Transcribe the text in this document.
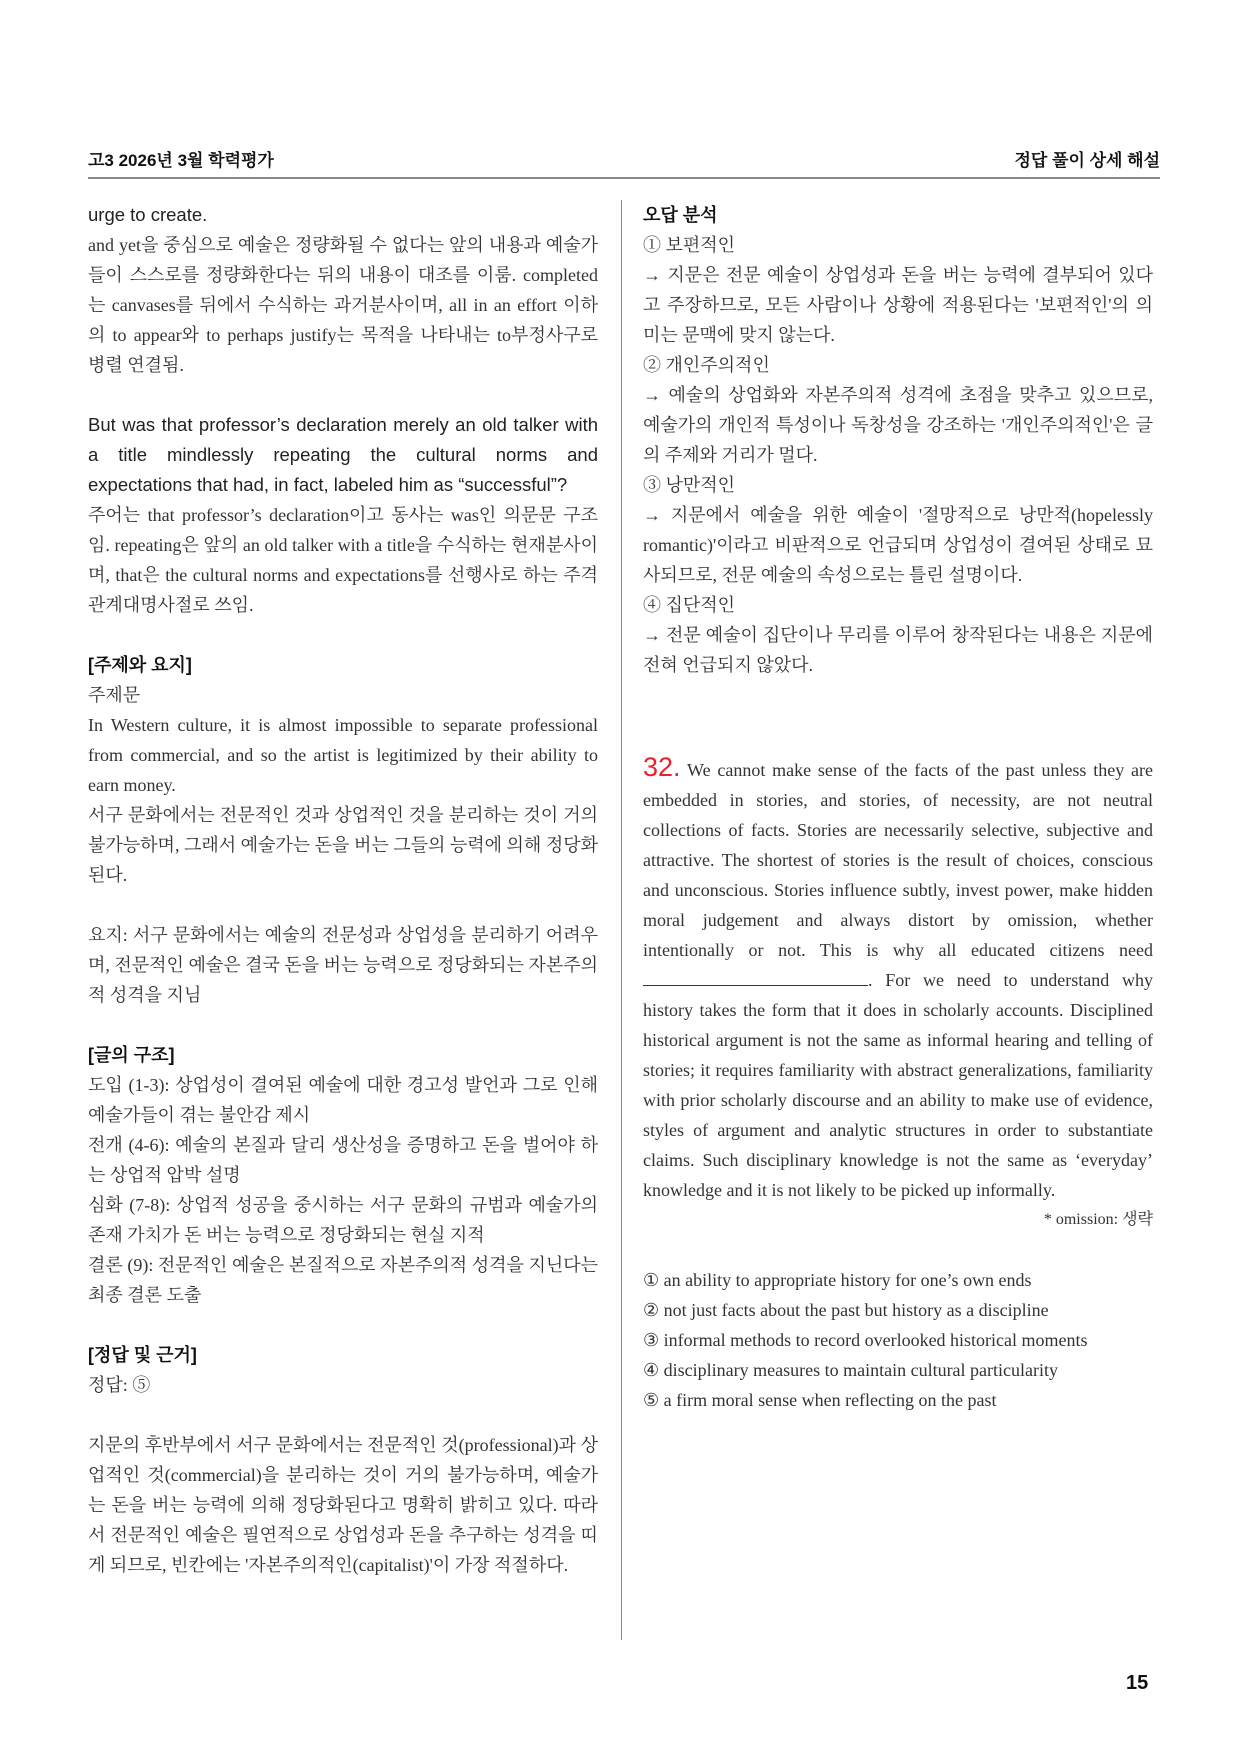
고3 2026년 3월 학력평가	정답 풀이 상세 해설

urge to create.

and yet을 중심으로 예술은 정량화될 수 없다는 앞의 내용과 예술가들이 스스로를 정량화한다는 뒤의 내용이 대조를 이룸. completed는 canvases를 뒤에서 수식하는 과거분사이며, all in an effort 이하의 to appear와 to perhaps justify는 목적을 나타내는 to부정사구로 병렬 연결됨.

But was that professor’s declaration merely an old talker with a title mindlessly repeating the cultural norms and expectations that had, in fact, labeled him as “successful”?

주어는 that professor’s declaration이고 동사는 was인 의문문 구조임. repeating은 앞의 an old talker with a title을 수식하는 현재분사이며, that은 the cultural norms and expectations를 선행사로 하는 주격 관계대명사절로 쓰임.

[주제와 요지]

주제문

In Western culture, it is almost impossible to separate professional from commercial, and so the artist is legitimized by their ability to earn money.

서구 문화에서는 전문적인 것과 상업적인 것을 분리하는 것이 거의 불가능하며, 그래서 예술가는 돈을 버는 그들의 능력에 의해 정당화된다.

요지: 서구 문화에서는 예술의 전문성과 상업성을 분리하기 어려우며, 전문적인 예술은 결국 돈을 버는 능력으로 정당화되는 자본주의적 성격을 지님

[글의 구조]

도입 (1-3): 상업성이 결여된 예술에 대한 경고성 발언과 그로 인해 예술가들이 겪는 불안감 제시

전개 (4-6): 예술의 본질과 달리 생산성을 증명하고 돈을 벌어야 하는 상업적 압박 설명

심화 (7-8): 상업적 성공을 중시하는 서구 문화의 규범과 예술가의 존재 가치가 돈 버는 능력으로 정당화되는 현실 지적

결론 (9): 전문적인 예술은 본질적으로 자본주의적 성격을 지닌다는 최종 결론 도출

[정답 및 근거]

정답: ⑤

지문의 후반부에서 서구 문화에서는 전문적인 것(professional)과 상업적인 것(commercial)을 분리하는 것이 거의 불가능하며, 예술가는 돈을 버는 능력에 의해 정당화된다고 명확히 밝히고 있다. 따라서 전문적인 예술은 필연적으로 상업성과 돈을 추구하는 성격을 띠게 되므로, 빈칸에는 '자본주의적인(capitalist)'이 가장 적절하다.

오답 분석

① 보편적인

→ 지문은 전문 예술이 상업성과 돈을 버는 능력에 결부되어 있다고 주장하므로, 모든 사람이나 상황에 적용된다는 '보편적인'의 의미는 문맥에 맞지 않는다.

② 개인주의적인

→ 예술의 상업화와 자본주의적 성격에 초점을 맞추고 있으므로, 예술가의 개인적 특성이나 독창성을 강조하는 '개인주의적인'은 글의 주제와 거리가 멀다.

③ 낭만적인

→ 지문에서 예술을 위한 예술이 '절망적으로 낭만적(hopelessly romantic)'이라고 비판적으로 언급되며 상업성이 결여된 상태로 묘사되므로, 전문 예술의 속성으로는 틀린 설명이다.

④ 집단적인

→ 전문 예술이 집단이나 무리를 이루어 창작된다는 내용은 지문에 전혀 언급되지 않았다.

32. We cannot make sense of the facts of the past unless they are embedded in stories, and stories, of necessity, are not neutral collections of facts. Stories are necessarily selective, subjective and attractive. The shortest of stories is the result of choices, conscious and unconscious. Stories influence subtly, invest power, make hidden moral judgement and always distort by omission, whether intentionally or not. This is why all educated citizens need . For we need to understand why history takes the form that it does in scholarly accounts. Disciplined historical argument is not the same as informal hearing and telling of stories; it requires familiarity with abstract generalizations, familiarity with prior scholarly discourse and an ability to make use of evidence, styles of argument and analytic structures in order to substantiate claims. Such disciplinary knowledge is not the same as ‘everyday’ knowledge and it is not likely to be picked up informally.

* omission: 생략

① an ability to appropriate history for one’s own ends

② not just facts about the past but history as a discipline

③ informal methods to record overlooked historical moments

④ disciplinary measures to maintain cultural particularity

⑤ a firm moral sense when reflecting on the past

15
